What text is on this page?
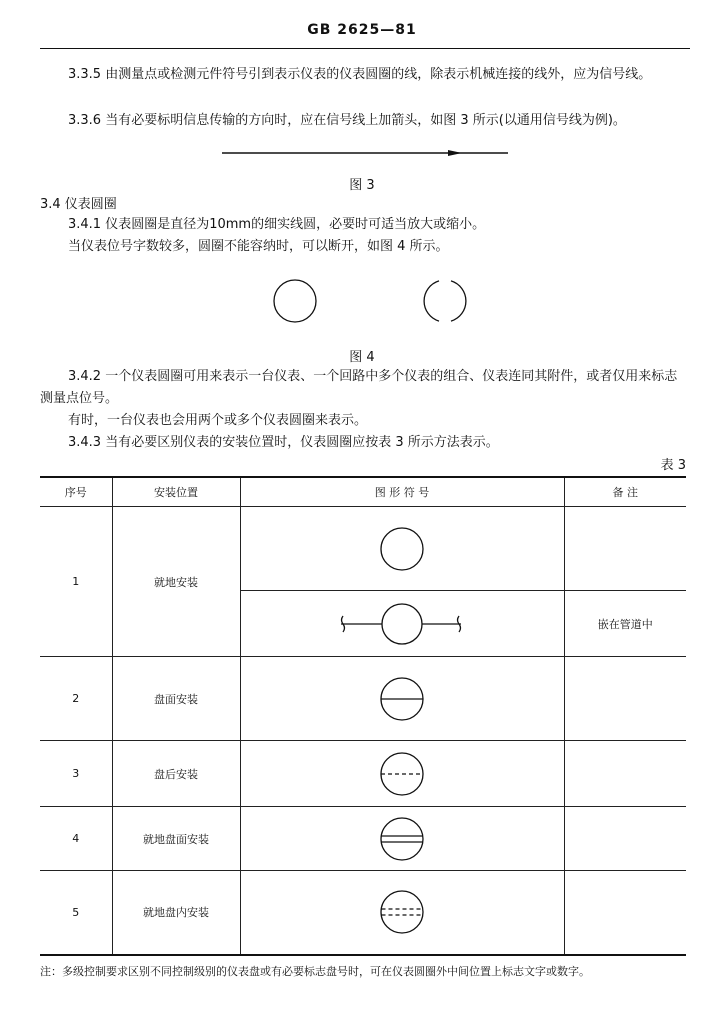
GB 2625—81
3.3.5 由测量点或检测元件符号引到表示仪表的仪表圆圈的线，除表示机械连接的线外，应为信号线。
3.3.6 当有必要标明信息传输的方向时，应在信号线上加箭头，如图 3 所示(以通用信号线为例)。
图 3
3.4 仪表圆圈
3.4.1 仪表圆圈是直径为10mm的细实线圆，必要时可适当放大或缩小。
当仪表位号字数较多，圆圈不能容纳时，可以断开，如图 4 所示。
图 4
3.4.2 一个仪表圆圈可用来表示一台仪表、一个回路中多个仪表的组合、仪表连同其附件，或者仅用来标志测量点位号。
有时，一台仪表也会用两个或多个仪表圆圈来表示。
3.4.3 当有必要区别仪表的安装位置时，仪表圆圈应按表 3 所示方法表示。
表 3
序号	安装位置	图 形 符 号	备 注
1	就地安装	

	嵌在管道中
2	盘面安装	

3	盘后安装	

4	就地盘面安装	

5	就地盘内安装	

注：多级控制要求区别不同控制级别的仪表盘或有必要标志盘号时，可在仪表圆圈外中间位置上标志文字或数字。
